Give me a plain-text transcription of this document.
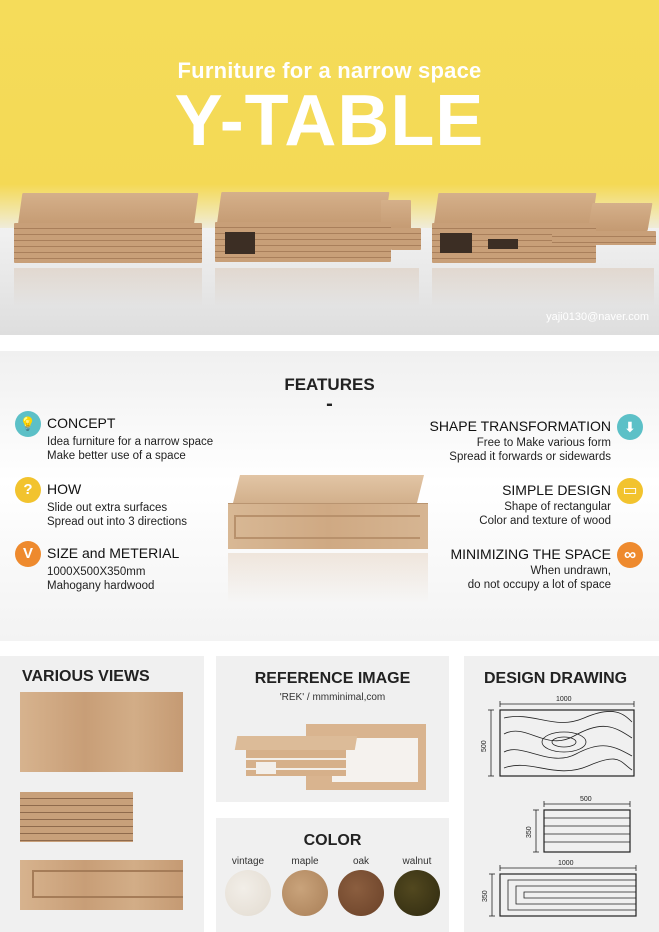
Furniture for a narrow space
Y-TABLE
yaji0130@naver.com
FEATURES
-
💡 CONCEPT
Idea furniture for a narrow space
Make better use of a space
?	HOW
Slide out extra surfaces
Spread out into 3 directions
V	SIZE and METERIAL
1000X500X350mm
Mahogany hardwood
⬇
SHAPE TRANSFORMATION
Free to Make various form
Spread it forwards or sidewards
▭
SIMPLE DESIGN
Shape of rectangular
Color and texture of wood
∞
MINIMIZING THE SPACE
When undrawn,
do not occupy a lot of space
VARIOUS VIEWS	REFERENCE IMAGE
'REK' / mmminimal,com
COLOR
vintage	maple	oak	walnut
DESIGN DRAWING
1000
500
500
350
1000
350
